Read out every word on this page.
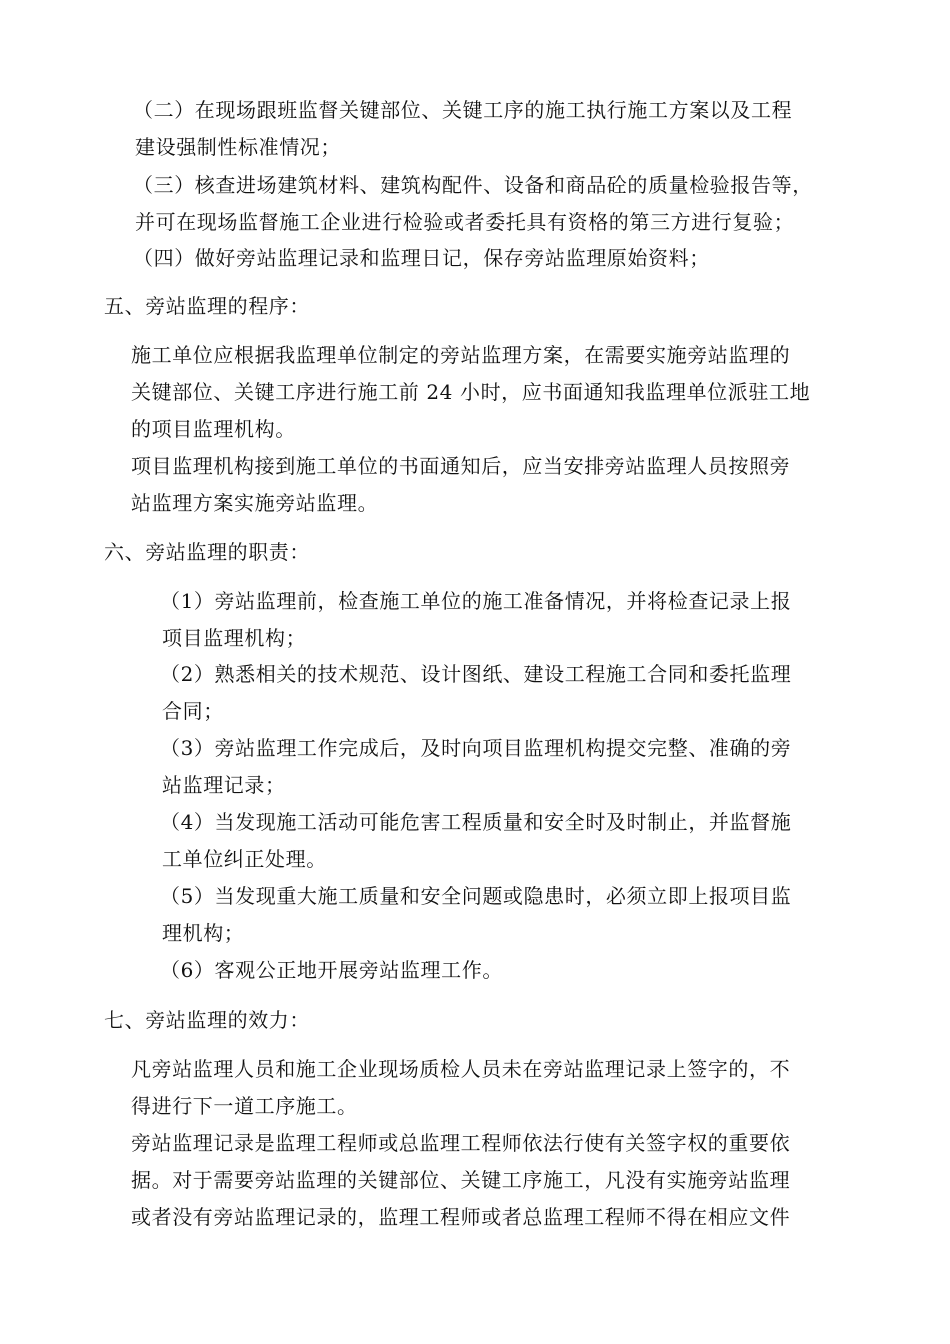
（二）在现场跟班监督关键部位、关键工序的施工执行施工方案以及工程
建设强制性标准情况；
（三）核查进场建筑材料、建筑构配件、设备和商品砼的质量检验报告等，
并可在现场监督施工企业进行检验或者委托具有资格的第三方进行复验；
（四）做好旁站监理记录和监理日记，保存旁站监理原始资料；
五、旁站监理的程序：
施工单位应根据我监理单位制定的旁站监理方案，在需要实施旁站监理的
关键部位、关键工序进行施工前 24 小时，应书面通知我监理单位派驻工地
的项目监理机构。
项目监理机构接到施工单位的书面通知后，应当安排旁站监理人员按照旁
站监理方案实施旁站监理。
六、旁站监理的职责：
（1）旁站监理前，检查施工单位的施工准备情况，并将检查记录上报
项目监理机构；
（2）熟悉相关的技术规范、设计图纸、建设工程施工合同和委托监理
合同；
（3）旁站监理工作完成后，及时向项目监理机构提交完整、准确的旁
站监理记录；
（4）当发现施工活动可能危害工程质量和安全时及时制止，并监督施
工单位纠正处理。
（5）当发现重大施工质量和安全问题或隐患时，必须立即上报项目监
理机构；
（6）客观公正地开展旁站监理工作。
七、旁站监理的效力：
凡旁站监理人员和施工企业现场质检人员未在旁站监理记录上签字的，不
得进行下一道工序施工。
旁站监理记录是监理工程师或总监理工程师依法行使有关签字权的重要依
据。对于需要旁站监理的关键部位、关键工序施工，凡没有实施旁站监理
或者没有旁站监理记录的，监理工程师或者总监理工程师不得在相应文件
